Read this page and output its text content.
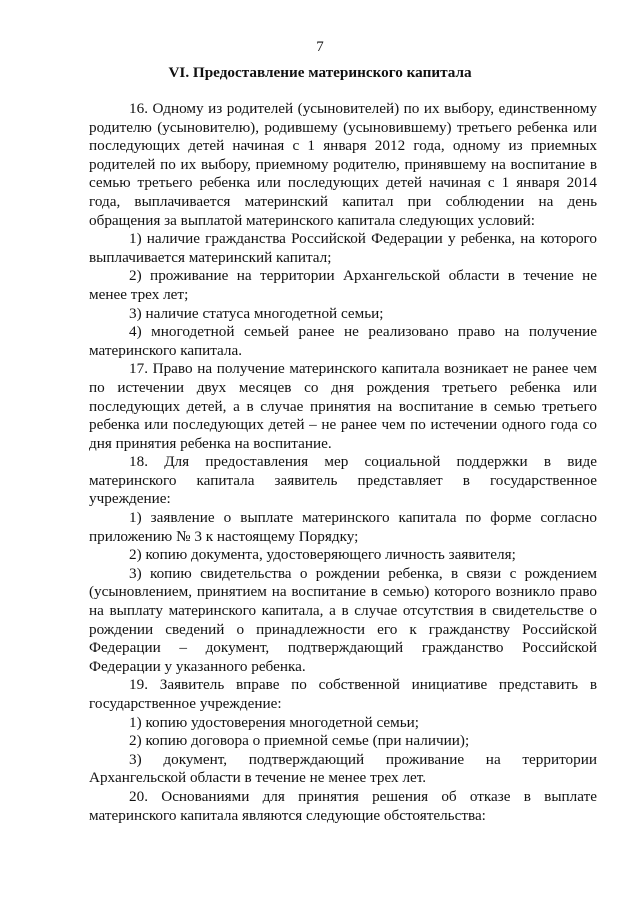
7
VI. Предоставление материнского капитала

16. Одному из родителей (усыновителей) по их выбору, единственному родителю (усыновителю), родившему (усыновившему) третьего ребенка или последующих детей начиная с 1 января 2012 года, одному из приемных родителей по их выбору, приемному родителю, принявшему на воспитание в семью третьего ребенка или последующих детей начиная с 1 января 2014 года, выплачивается материнский капитал при соблюдении на день обращения за выплатой материнского капитала следующих условий:

1) наличие гражданства Российской Федерации у ребенка, на которого выплачивается материнский капитал;

2) проживание на территории Архангельской области в течение не менее трех лет;

3) наличие статуса многодетной семьи;

4) многодетной семьей ранее не реализовано право на получение материнского капитала.

17. Право на получение материнского капитала возникает не ранее чем по истечении двух месяцев со дня рождения третьего ребенка или последующих детей, а в случае принятия на воспитание в семью третьего ребенка или последующих детей – не ранее чем по истечении одного года со дня принятия ребенка на воспитание.

18. Для предоставления мер социальной поддержки в виде материнского капитала заявитель представляет в государственное учреждение:

1) заявление о выплате материнского капитала по форме согласно приложению № 3 к настоящему Порядку;

2) копию документа, удостоверяющего личность заявителя;

3) копию свидетельства о рождении ребенка, в связи с рождением (усыновлением, принятием на воспитание в семью) которого возникло право на выплату материнского капитала, а в случае отсутствия в свидетельстве о рождении сведений о принадлежности его к гражданству Российской Федерации – документ, подтверждающий гражданство Российской Федерации у указанного ребенка.

19. Заявитель вправе по собственной инициативе представить в государственное учреждение:

1) копию удостоверения многодетной семьи;

2) копию договора о приемной семье (при наличии);

3) документ, подтверждающий проживание на территории Архангельской области в течение не менее трех лет.

20. Основаниями для принятия решения об отказе в выплате материнского капитала являются следующие обстоятельства:
